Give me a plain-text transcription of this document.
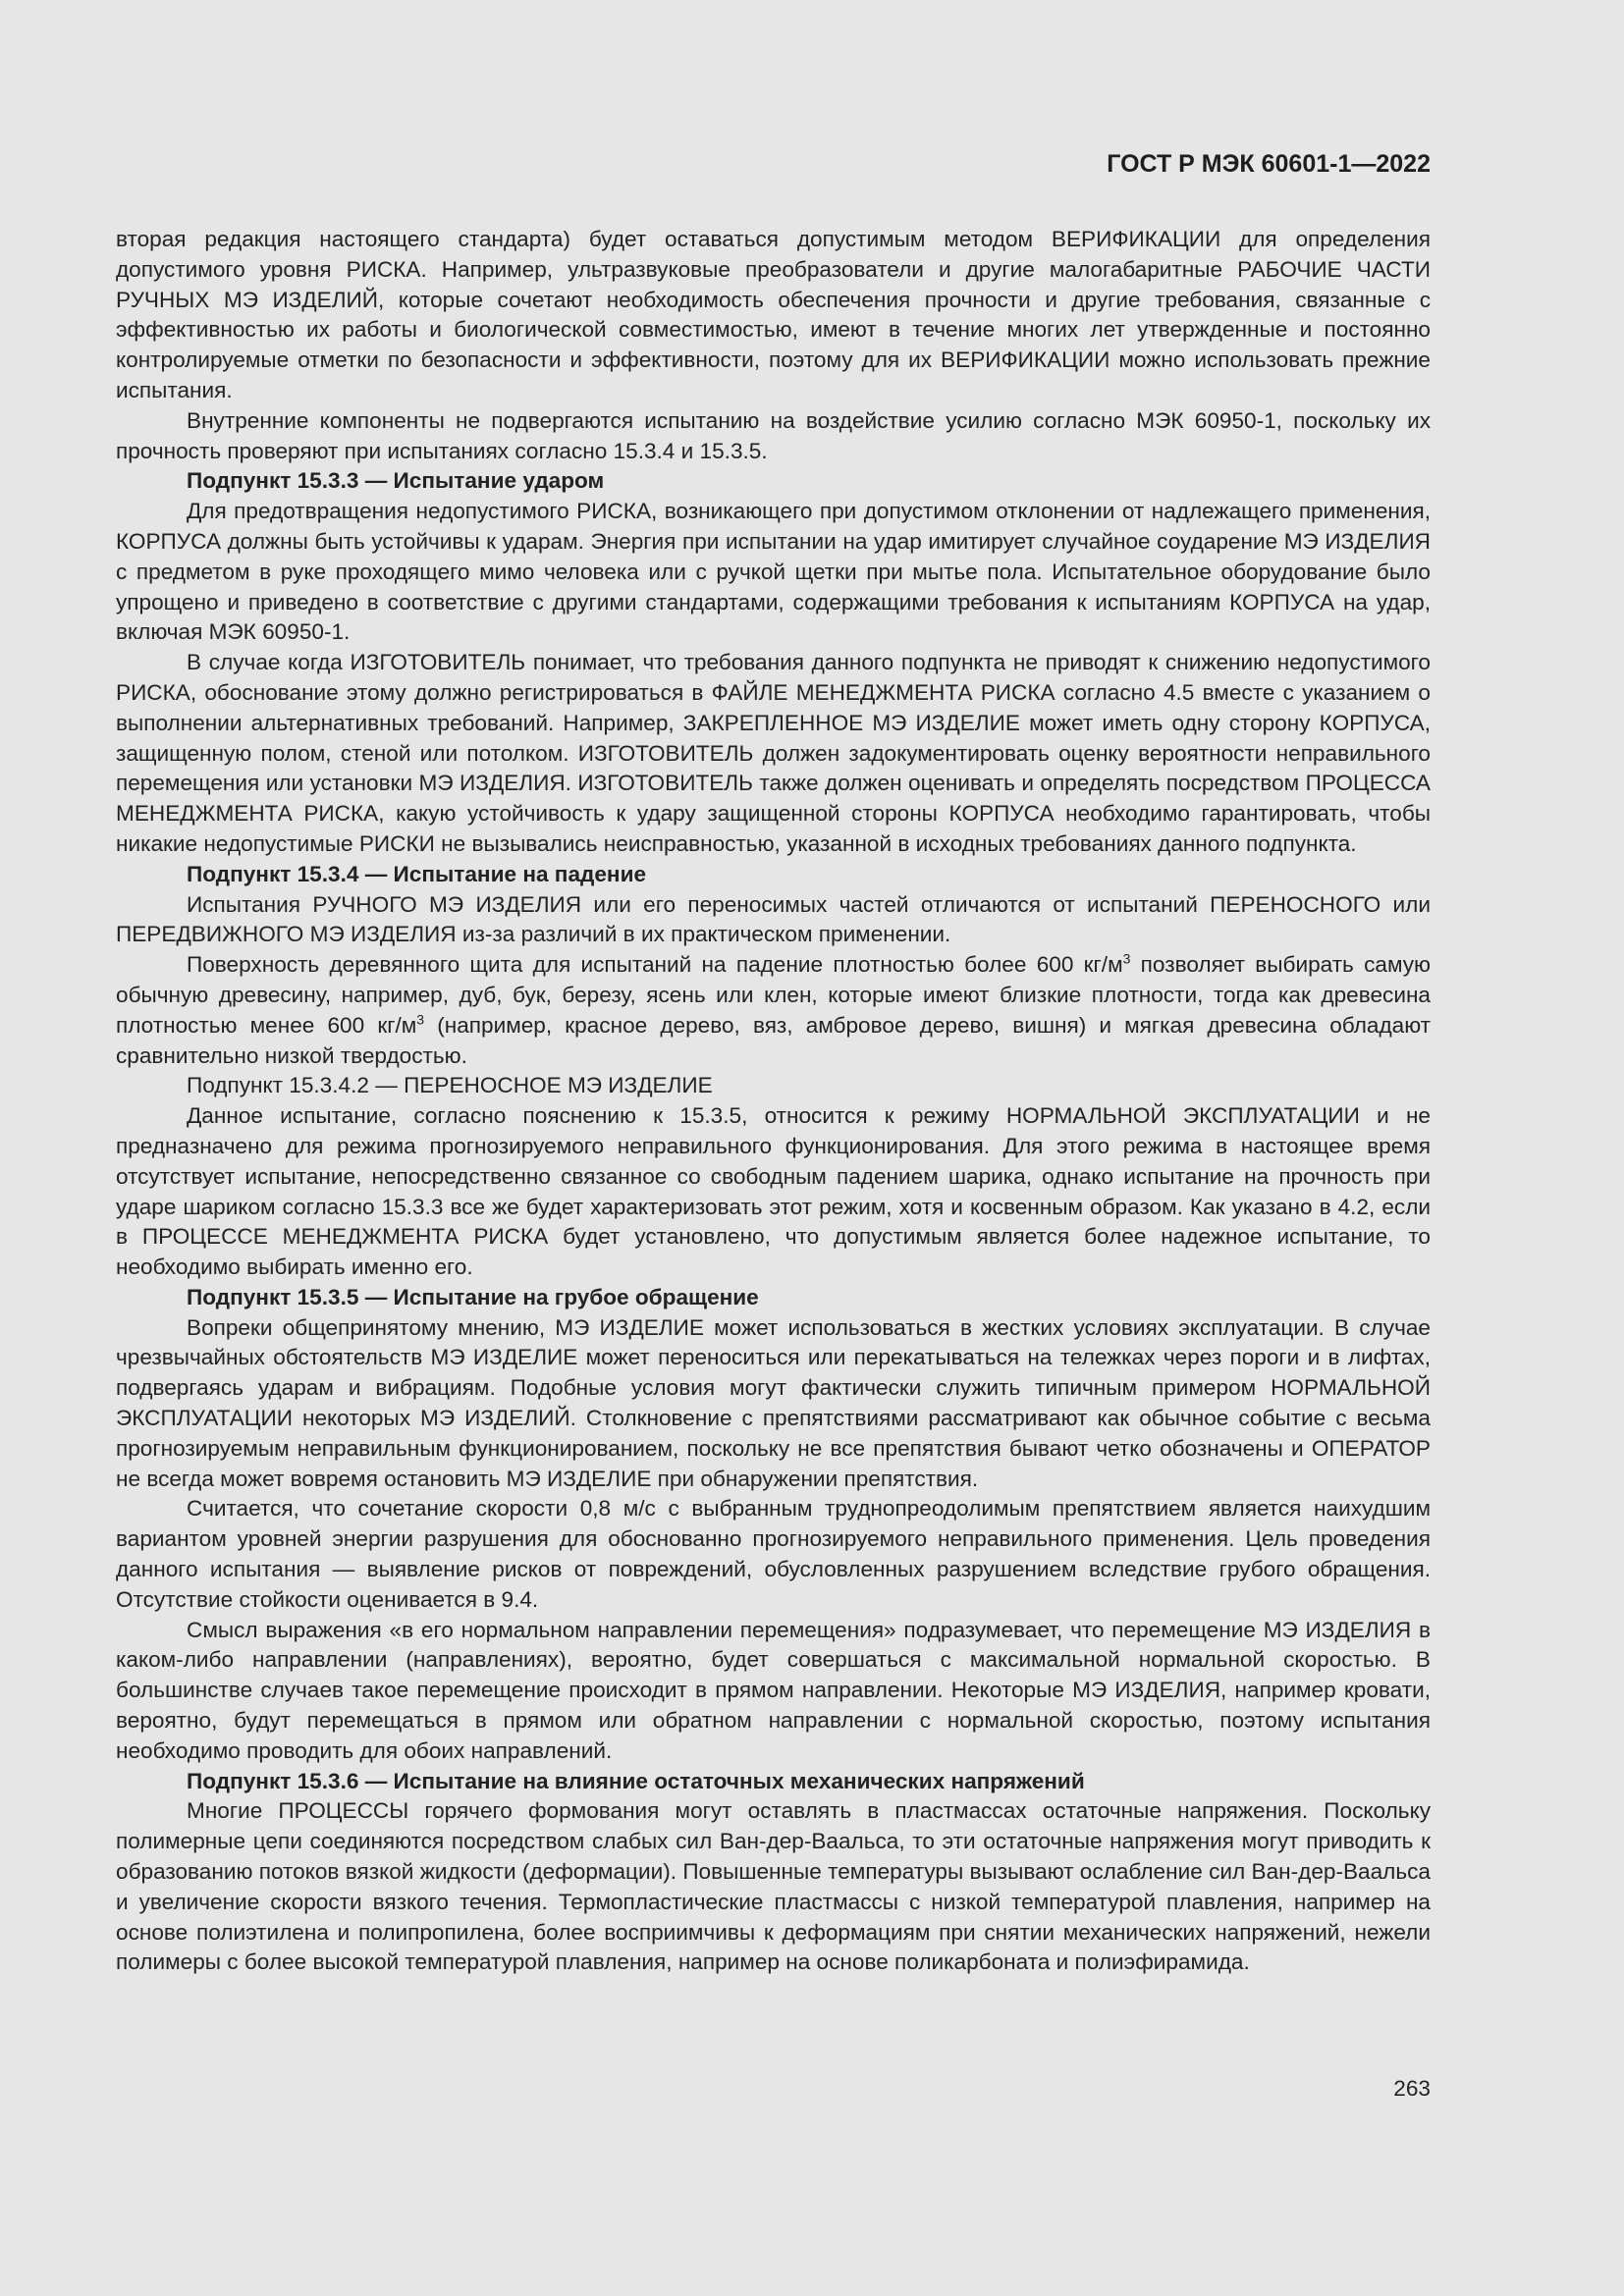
ГОСТ Р МЭК 60601-1—2022

вторая редакция настоящего стандарта) будет оставаться допустимым методом ВЕРИФИКАЦИИ для определения допустимого уровня РИСКА. Например, ультразвуковые преобразователи и другие малогабаритные РАБОЧИЕ ЧАСТИ РУЧНЫХ МЭ ИЗДЕЛИЙ, которые сочетают необходимость обеспечения прочности и другие требования, связанные с эффективностью их работы и биологической совместимостью, имеют в течение многих лет утвержденные и постоянно контролируемые отметки по безопасности и эффективности, поэтому для их ВЕРИФИКАЦИИ можно использовать прежние испытания.

Внутренние компоненты не подвергаются испытанию на воздействие усилию согласно МЭК 60950-1, поскольку их прочность проверяют при испытаниях согласно 15.3.4 и 15.3.5.

Подпункт 15.3.3 — Испытание ударом

Для предотвращения недопустимого РИСКА, возникающего при допустимом отклонении от надлежащего применения, КОРПУСА должны быть устойчивы к ударам. Энергия при испытании на удар имитирует случайное соударение МЭ ИЗДЕЛИЯ с предметом в руке проходящего мимо человека или с ручкой щетки при мытье пола. Испытательное оборудование было упрощено и приведено в соответствие с другими стандартами, содержащими требования к испытаниям КОРПУСА на удар, включая МЭК 60950-1.

В случае когда ИЗГОТОВИТЕЛЬ понимает, что требования данного подпункта не приводят к снижению недопустимого РИСКА, обоснование этому должно регистрироваться в ФАЙЛЕ МЕНЕДЖМЕНТА РИСКА согласно 4.5 вместе с указанием о выполнении альтернативных требований. Например, ЗАКРЕПЛЕННОЕ МЭ ИЗДЕЛИЕ может иметь одну сторону КОРПУСА, защищенную полом, стеной или потолком. ИЗГОТОВИТЕЛЬ должен задокументировать оценку вероятности неправильного перемещения или установки МЭ ИЗДЕЛИЯ. ИЗГОТОВИТЕЛЬ также должен оценивать и определять посредством ПРОЦЕССА МЕНЕДЖМЕНТА РИСКА, какую устойчивость к удару защищенной стороны КОРПУСА необходимо гарантировать, чтобы никакие недопустимые РИСКИ не вызывались неисправностью, указанной в исходных требованиях данного подпункта.

Подпункт 15.3.4 — Испытание на падение

Испытания РУЧНОГО МЭ ИЗДЕЛИЯ или его переносимых частей отличаются от испытаний ПЕРЕНОСНОГО или ПЕРЕДВИЖНОГО МЭ ИЗДЕЛИЯ из-за различий в их практическом применении.

Поверхность деревянного щита для испытаний на падение плотностью более 600 $кг/м^3$ позволяет выбирать самую обычную древесину, например, дуб, бук, березу, ясень или клен, которые имеют близкие плотности, тогда как древесина плотностью менее 600 $кг/м^3$ (например, красное дерево, вяз, амбровое дерево, вишня) и мягкая древесина обладают сравнительно низкой твердостью.

Подпункт 15.3.4.2 — ПЕРЕНОСНОЕ МЭ ИЗДЕЛИЕ

Данное испытание, согласно пояснению к 15.3.5, относится к режиму НОРМАЛЬНОЙ ЭКСПЛУАТАЦИИ и не предназначено для режима прогнозируемого неправильного функционирования. Для этого режима в настоящее время отсутствует испытание, непосредственно связанное со свободным падением шарика, однако испытание на прочность при ударе шариком согласно 15.3.3 все же будет характеризовать этот режим, хотя и косвенным образом. Как указано в 4.2, если в ПРОЦЕССЕ МЕНЕДЖМЕНТА РИСКА будет установлено, что допустимым является более надежное испытание, то необходимо выбирать именно его.

Подпункт 15.3.5 — Испытание на грубое обращение

Вопреки общепринятому мнению, МЭ ИЗДЕЛИЕ может использоваться в жестких условиях эксплуатации. В случае чрезвычайных обстоятельств МЭ ИЗДЕЛИЕ может переноситься или перекатываться на тележках через пороги и в лифтах, подвергаясь ударам и вибрациям. Подобные условия могут фактически служить типичным примером НОРМАЛЬНОЙ ЭКСПЛУАТАЦИИ некоторых МЭ ИЗДЕЛИЙ. Столкновение с препятствиями рассматривают как обычное событие с весьма прогнозируемым неправильным функционированием, поскольку не все препятствия бывают четко обозначены и ОПЕРАТОР не всегда может вовремя остановить МЭ ИЗДЕЛИЕ при обнаружении препятствия.

Считается, что сочетание скорости 0,8 м/с с выбранным труднопреодолимым препятствием является наихудшим вариантом уровней энергии разрушения для обоснованно прогнозируемого неправильного применения. Цель проведения данного испытания — выявление рисков от повреждений, обусловленных разрушением вследствие грубого обращения. Отсутствие стойкости оценивается в 9.4.

Смысл выражения «в его нормальном направлении перемещения» подразумевает, что перемещение МЭ ИЗДЕЛИЯ в каком-либо направлении (направлениях), вероятно, будет совершаться с максимальной нормальной скоростью. В большинстве случаев такое перемещение происходит в прямом направлении. Некоторые МЭ ИЗДЕЛИЯ, например кровати, вероятно, будут перемещаться в прямом или обратном направлении с нормальной скоростью, поэтому испытания необходимо проводить для обоих направлений.

Подпункт 15.3.6 — Испытание на влияние остаточных механических напряжений

Многие ПРОЦЕССЫ горячего формования могут оставлять в пластмассах остаточные напряжения. Поскольку полимерные цепи соединяются посредством слабых сил Ван-дер-Ваальса, то эти остаточные напряжения могут приводить к образованию потоков вязкой жидкости (деформации). Повышенные температуры вызывают ослабление сил Ван-дер-Ваальса и увеличение скорости вязкого течения. Термопластические пластмассы с низкой температурой плавления, например на основе полиэтилена и полипропилена, более восприимчивы к деформациям при снятии механических напряжений, нежели полимеры с более высокой температурой плавления, например на основе поликарбоната и полиэфирамида.

263
